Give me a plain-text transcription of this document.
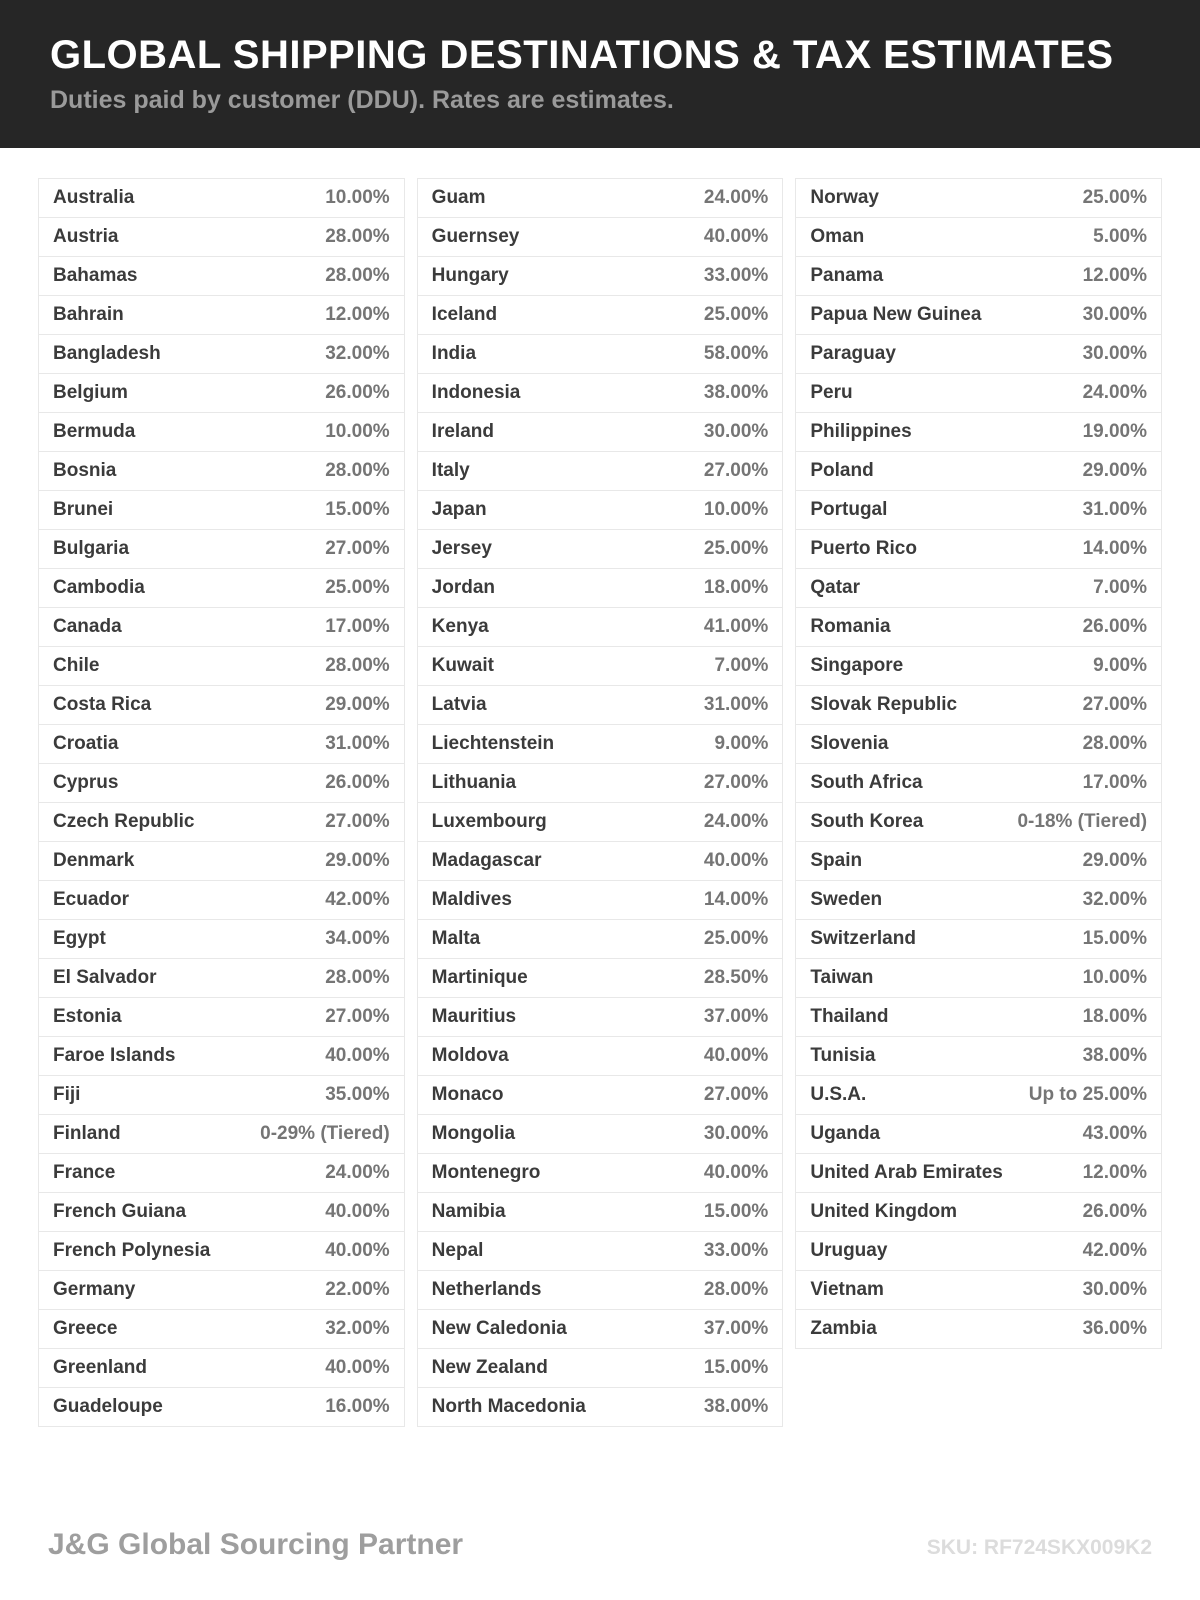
GLOBAL SHIPPING DESTINATIONS & TAX ESTIMATES

Duties paid by customer (DDU). Rates are estimates.

Australia	10.00%
Austria	28.00%
Bahamas	28.00%
Bahrain	12.00%
Bangladesh	32.00%
Belgium	26.00%
Bermuda	10.00%
Bosnia	28.00%
Brunei	15.00%
Bulgaria	27.00%
Cambodia	25.00%
Canada	17.00%
Chile	28.00%
Costa Rica	29.00%
Croatia	31.00%
Cyprus	26.00%
Czech Republic	27.00%
Denmark	29.00%
Ecuador	42.00%
Egypt	34.00%
El Salvador	28.00%
Estonia	27.00%
Faroe Islands	40.00%
Fiji	35.00%
Finland	0-29% (Tiered)
France	24.00%
French Guiana	40.00%
French Polynesia	40.00%
Germany	22.00%
Greece	32.00%
Greenland	40.00%
Guadeloupe	16.00%
Guam	24.00%
Guernsey	40.00%
Hungary	33.00%
Iceland	25.00%
India	58.00%
Indonesia	38.00%
Ireland	30.00%
Italy	27.00%
Japan	10.00%
Jersey	25.00%
Jordan	18.00%
Kenya	41.00%
Kuwait	7.00%
Latvia	31.00%
Liechtenstein	9.00%
Lithuania	27.00%
Luxembourg	24.00%
Madagascar	40.00%
Maldives	14.00%
Malta	25.00%
Martinique	28.50%
Mauritius	37.00%
Moldova	40.00%
Monaco	27.00%
Mongolia	30.00%
Montenegro	40.00%
Namibia	15.00%
Nepal	33.00%
Netherlands	28.00%
New Caledonia	37.00%
New Zealand	15.00%
North Macedonia	38.00%
Norway	25.00%
Oman	5.00%
Panama	12.00%
Papua New Guinea	30.00%
Paraguay	30.00%
Peru	24.00%
Philippines	19.00%
Poland	29.00%
Portugal	31.00%
Puerto Rico	14.00%
Qatar	7.00%
Romania	26.00%
Singapore	9.00%
Slovak Republic	27.00%
Slovenia	28.00%
South Africa	17.00%
South Korea	0-18% (Tiered)
Spain	29.00%
Sweden	32.00%
Switzerland	15.00%
Taiwan	10.00%
Thailand	18.00%
Tunisia	38.00%
U.S.A.	Up to 25.00%
Uganda	43.00%
United Arab Emirates	12.00%
United Kingdom	26.00%
Uruguay	42.00%
Vietnam	30.00%
Zambia	36.00%
J&G Global Sourcing Partner	SKU: RF724SKX009K2
